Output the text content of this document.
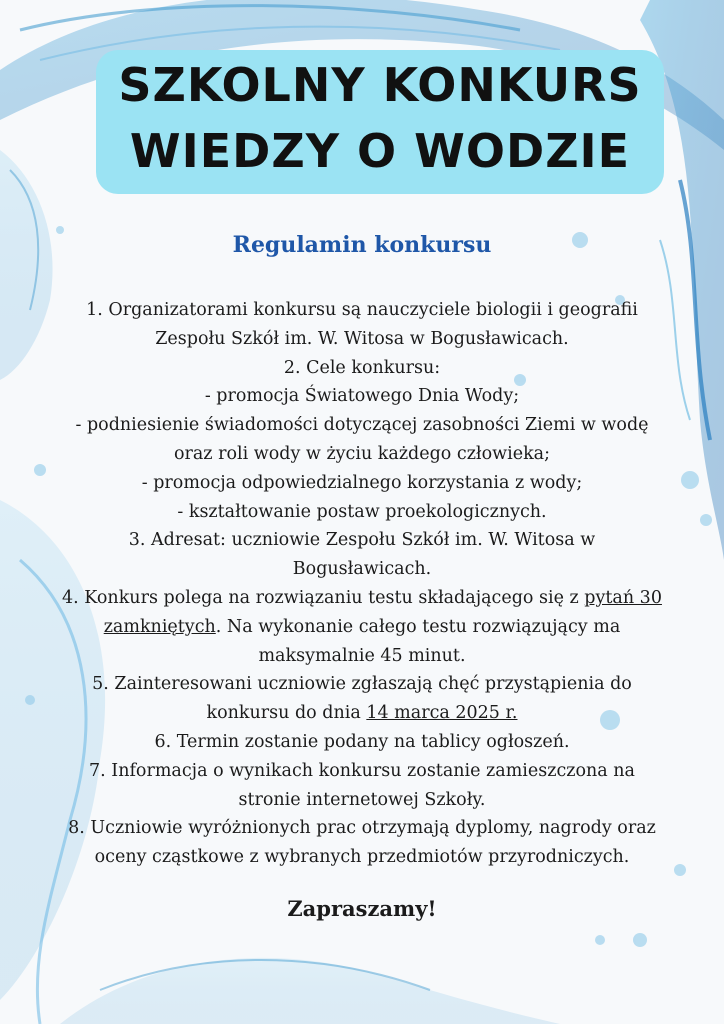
SZKOLNY KONKURS
WIEDZY O WODZIE
Regulamin konkursu
1. Organizatorami konkursu są nauczyciele biologii i geografii
Zespołu Szkół im. W. Witosa w Bogusławicach.
2. Cele konkursu:
- promocja Światowego Dnia Wody;
- podniesienie świadomości dotyczącej zasobności Ziemi w wodę
oraz roli wody w życiu każdego człowieka;
- promocja odpowiedzialnego korzystania z wody;
- kształtowanie postaw proekologicznych.
3. Adresat: uczniowie Zespołu Szkół im. W. Witosa w
Bogusławicach.
4. Konkurs polega na rozwiązaniu testu składającego się z pytań 30
zamkniętych. Na wykonanie całego testu rozwiązujący ma
maksymalnie 45 minut.
5. Zainteresowani uczniowie zgłaszają chęć przystąpienia do
konkursu do dnia 14 marca 2025 r.
6. Termin zostanie podany na tablicy ogłoszeń.
7. Informacja o wynikach konkursu zostanie zamieszczona na
stronie internetowej Szkoły.
8. Uczniowie wyróżnionych prac otrzymają dyplomy, nagrody oraz
oceny cząstkowe z wybranych przedmiotów przyrodniczych.
Zapraszamy!
